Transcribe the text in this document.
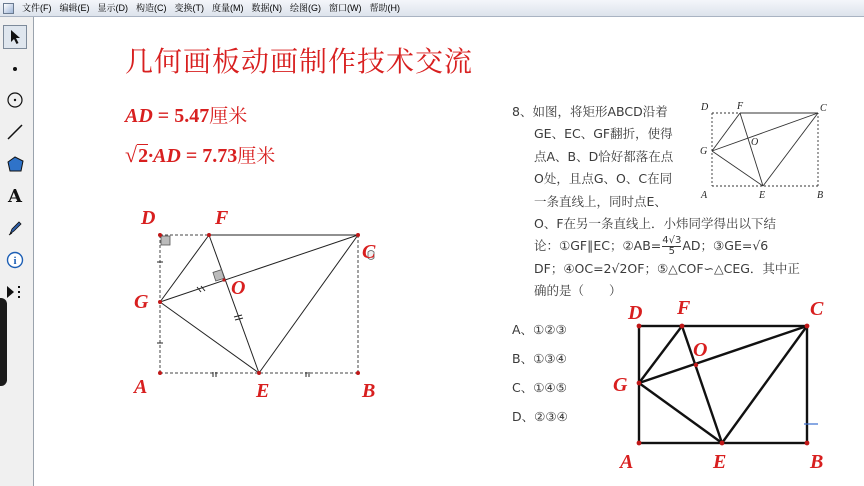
文件(F) 编辑(E) 显示(D) 构造(C) 变换(T) 度量(M) 数据(N) 绘图(G) 窗口(W) 帮助(H)
A
i
几何画板动画制作技术交流
AD = 5.47厘米
√2·AD = 7.73厘米
D	F
C
G
O
A	E	B
8、如图，将矩形ABCD沿着
GE、EC、GF翻折，使得
点A、B、D恰好都落在点
O处，且点G、O、C在同
一条直线上，同时点E、
O、F在另一条直线上．小炜同学得出以下结
论：①GF∥EC；②AB= $\frac{4√3}{5}AD$；③GE=√6
DF；④OC=2√2OF；⑤△COF∽△CEG．其中正
确的是（　　）
D	F	C
G
O
A	E	B
A、①②③
B、①③④
C、①④⑤
D、②③④
D F	C
G
O
A	E	B
